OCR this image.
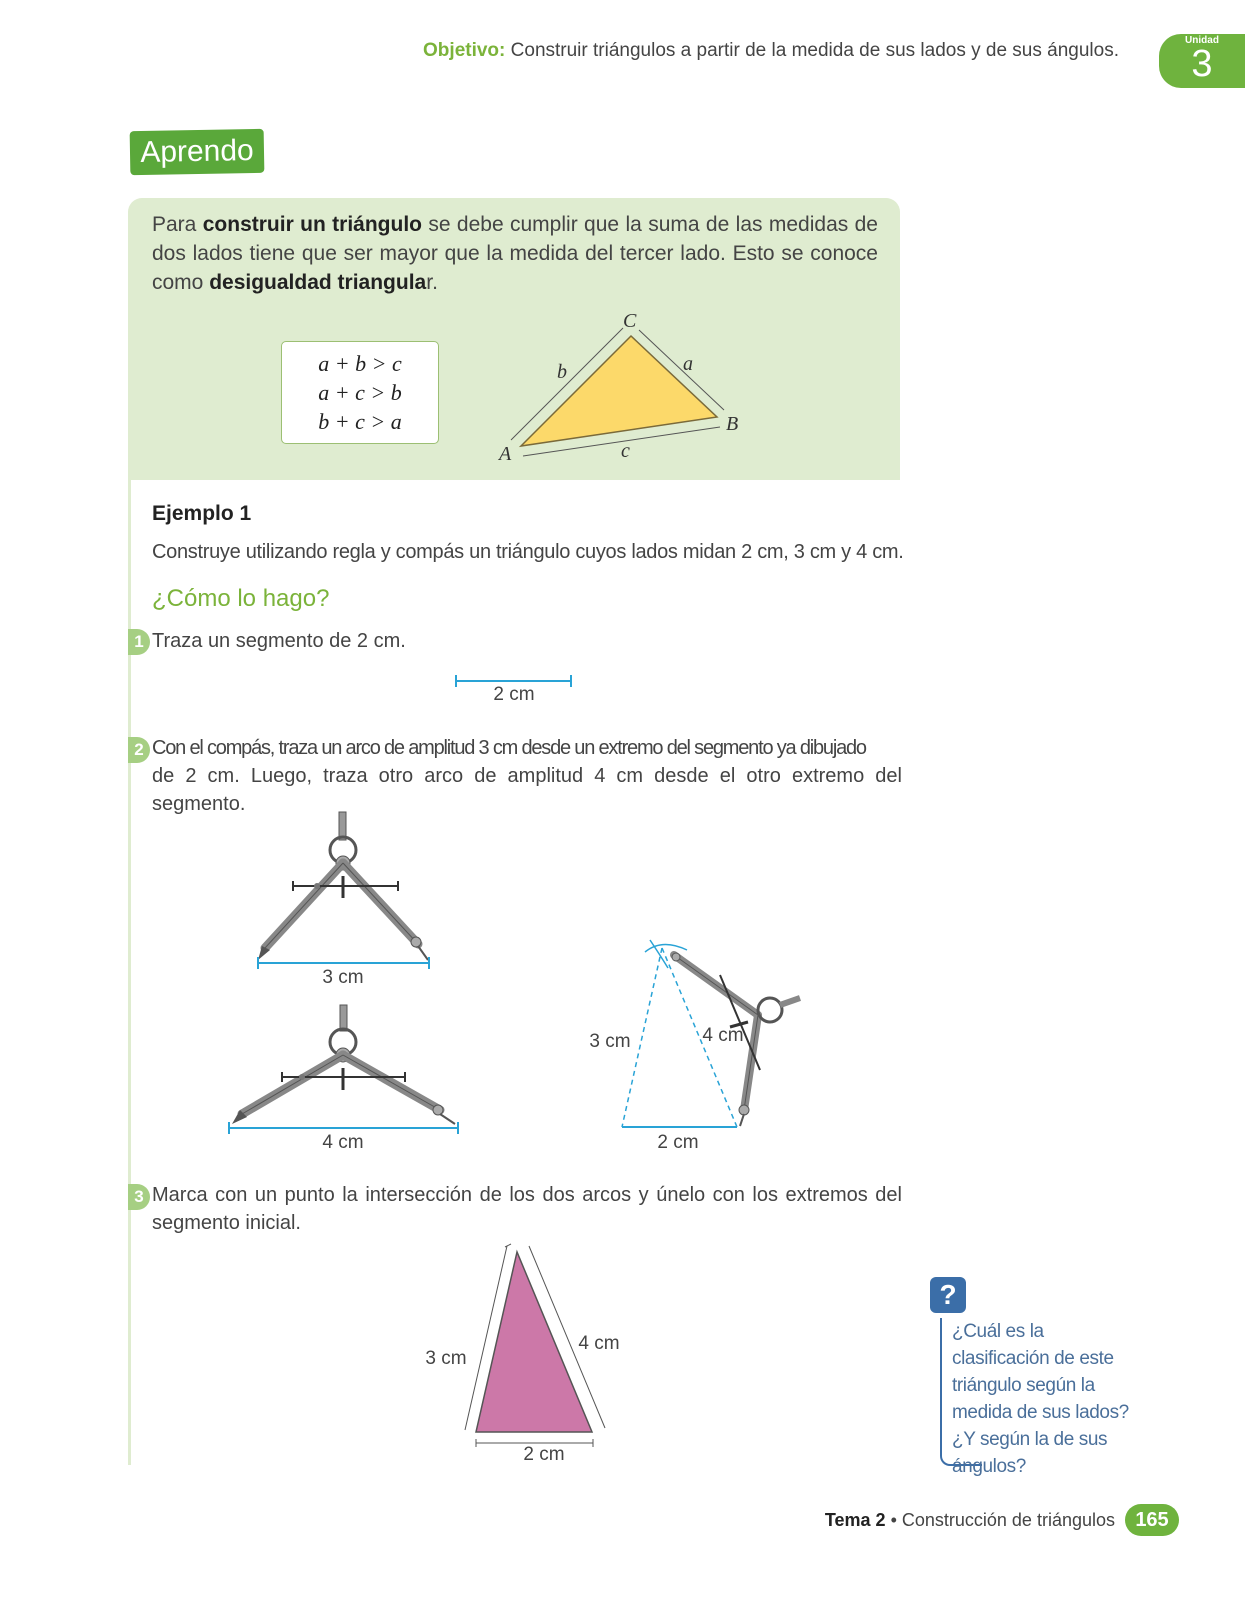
Objetivo: Construir triángulos a partir de la medida de sus lados y de sus ángulos.	Unidad
3
Aprendo
Para construir un triángulo se debe cumplir que la suma de las medidas de dos lados tiene que ser mayor que la medida del tercer lado. Esto se conoce como desigualdad triangular.
a + b > c
a + c > b
b + c > a
C
A
B
b	a
c
Ejemplo 1
Construye utilizando regla y compás un triángulo cuyos lados midan 2 cm, 3 cm y 4 cm.
¿Cómo lo hago?
1 Traza un segmento de 2 cm.
2 cm
2 Con el compás, traza un arco de amplitud 3 cm desde un extremo del segmento ya dibujado
de 2 cm. Luego, traza otro arco de amplitud 4 cm desde el otro extremo del segmento.
3 cm
4 cm
3 cm	4 cm
2 cm
3 Marca con un punto la intersección de los dos arcos y únelo con los extremos del segmento inicial.
3 cm
4 cm
2 cm
?
¿Cuál es la clasificación de este triángulo según la medida de sus lados? ¿Y según la de sus ángulos?
Tema 2 • Construcción de triángulos	165
